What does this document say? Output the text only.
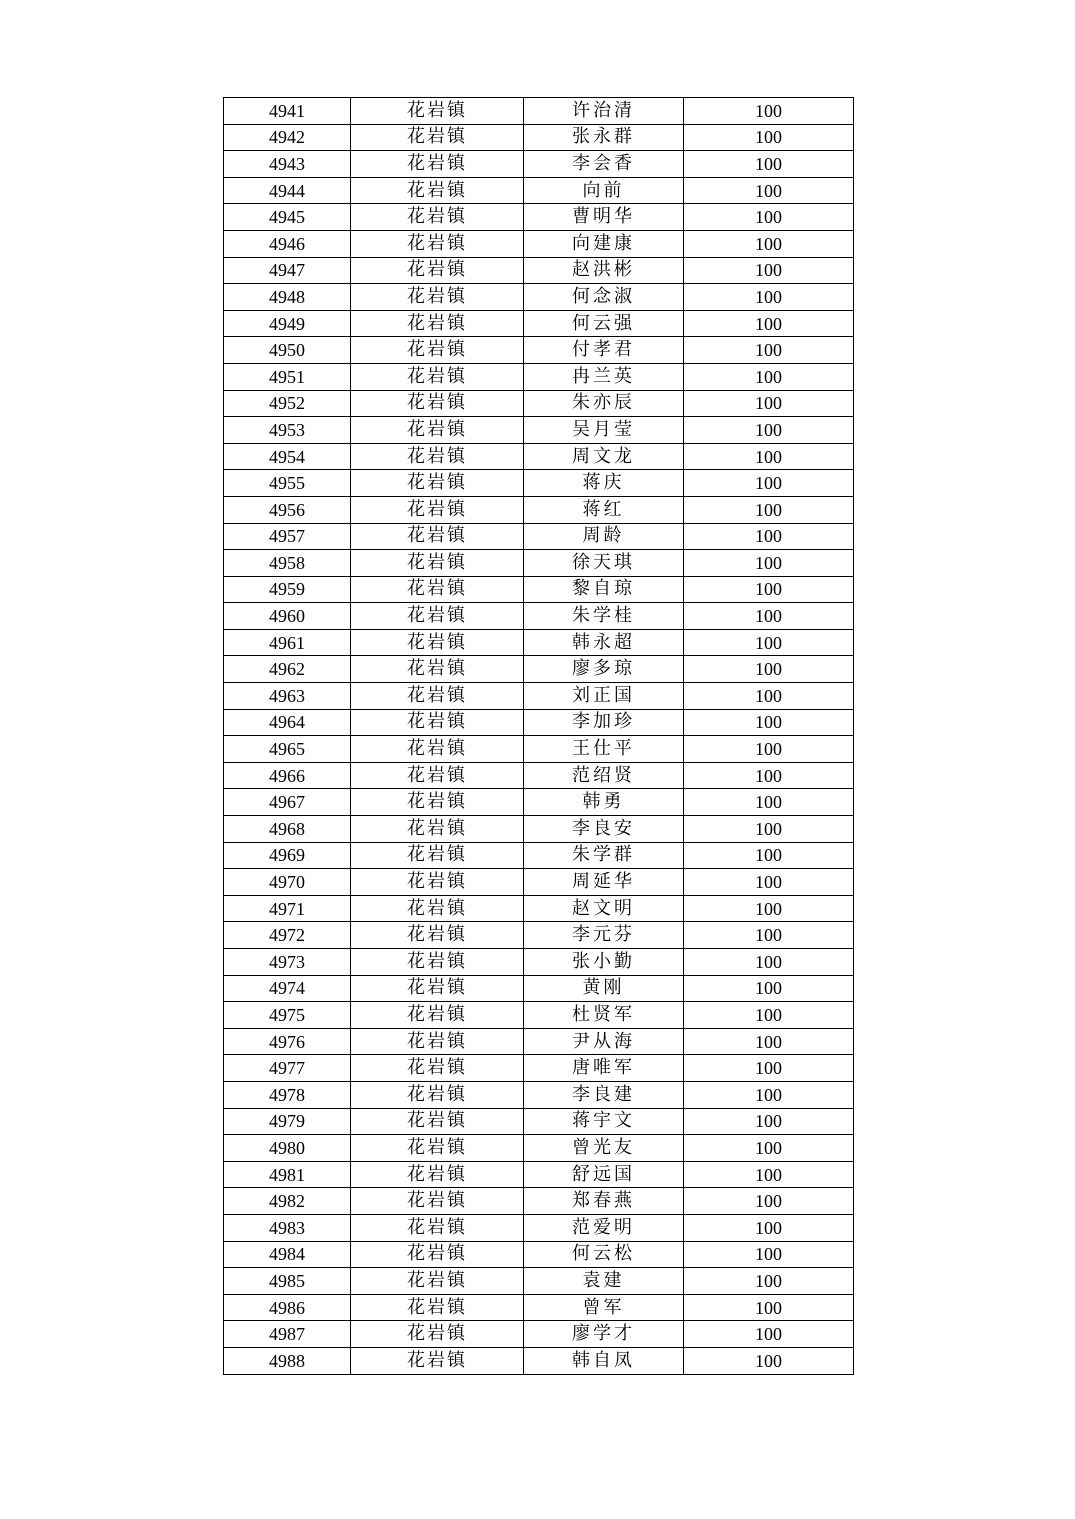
4941	花岩镇	许治清	100
4942	花岩镇	张永群	100
4943	花岩镇	李会香	100
4944	花岩镇	向前	100
4945	花岩镇	曹明华	100
4946	花岩镇	向建康	100
4947	花岩镇	赵洪彬	100
4948	花岩镇	何念淑	100
4949	花岩镇	何云强	100
4950	花岩镇	付孝君	100
4951	花岩镇	冉兰英	100
4952	花岩镇	朱亦辰	100
4953	花岩镇	吴月莹	100
4954	花岩镇	周文龙	100
4955	花岩镇	蒋庆	100
4956	花岩镇	蒋红	100
4957	花岩镇	周龄	100
4958	花岩镇	徐天琪	100
4959	花岩镇	黎自琼	100
4960	花岩镇	朱学桂	100
4961	花岩镇	韩永超	100
4962	花岩镇	廖多琼	100
4963	花岩镇	刘正国	100
4964	花岩镇	李加珍	100
4965	花岩镇	王仕平	100
4966	花岩镇	范绍贤	100
4967	花岩镇	韩勇	100
4968	花岩镇	李良安	100
4969	花岩镇	朱学群	100
4970	花岩镇	周延华	100
4971	花岩镇	赵文明	100
4972	花岩镇	李元芬	100
4973	花岩镇	张小勤	100
4974	花岩镇	黄刚	100
4975	花岩镇	杜贤军	100
4976	花岩镇	尹从海	100
4977	花岩镇	唐唯军	100
4978	花岩镇	李良建	100
4979	花岩镇	蒋宇文	100
4980	花岩镇	曾光友	100
4981	花岩镇	舒远国	100
4982	花岩镇	郑春燕	100
4983	花岩镇	范爱明	100
4984	花岩镇	何云松	100
4985	花岩镇	袁建	100
4986	花岩镇	曾军	100
4987	花岩镇	廖学才	100
4988	花岩镇	韩自凤	100
